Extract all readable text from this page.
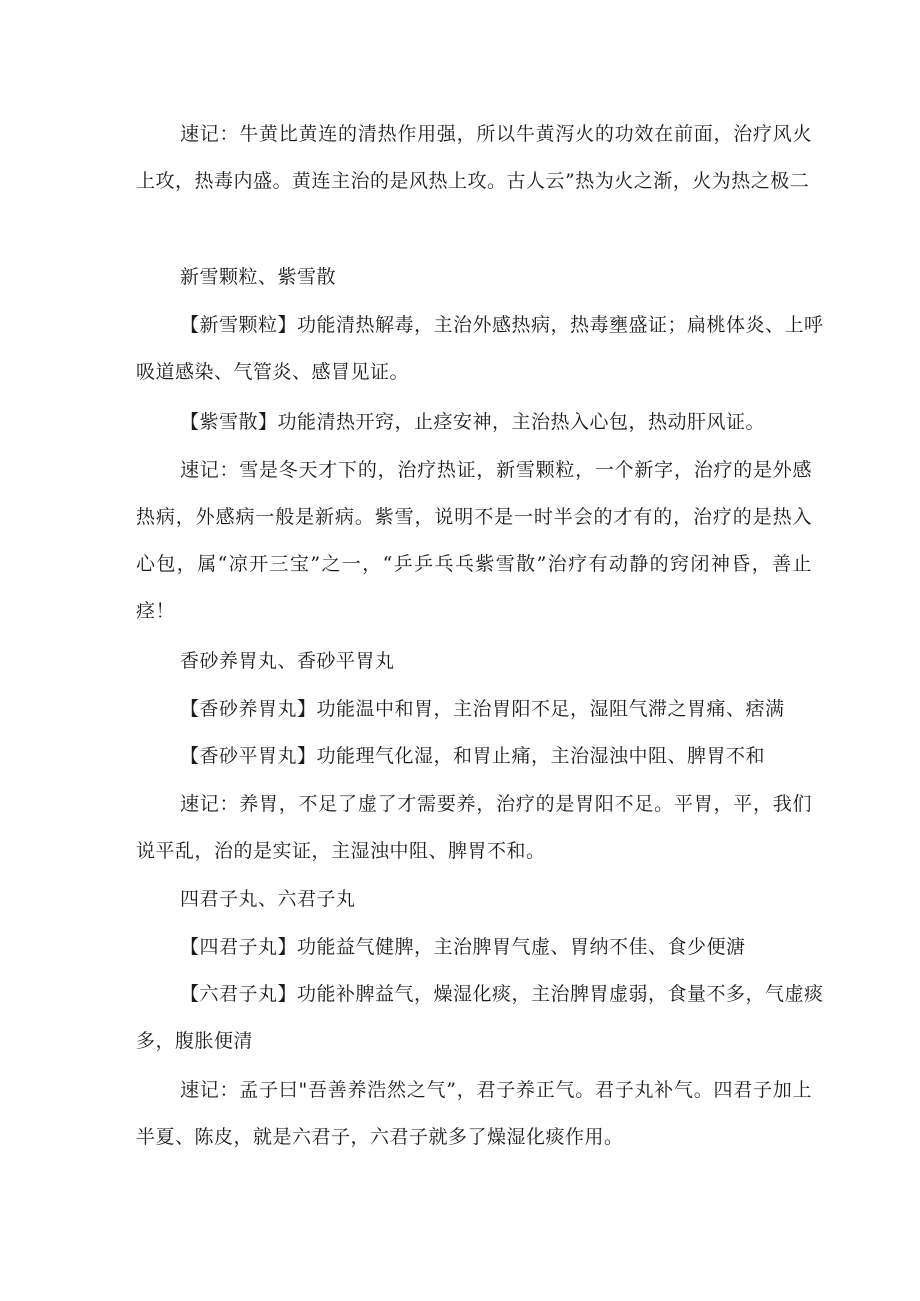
速记：牛黄比黄连的清热作用强，所以牛黄泻火的功效在前面，治疗风火上攻，热毒内盛。黄连主治的是风热上攻。古人云”热为火之渐，火为热之极二

新雪颗粒、紫雪散

【新雪颗粒】功能清热解毒，主治外感热病，热毒壅盛证；扁桃体炎、上呼吸道感染、气管炎、感冒见证。

【紫雪散】功能清热开窍，止痉安神，主治热入心包，热动肝风证。

速记：雪是冬天才下的，治疗热证，新雪颗粒，一个新字，治疗的是外感热病，外感病一般是新病。紫雪，说明不是一时半会的才有的，治疗的是热入心包，属“凉开三宝”之一，“乒乒乓乓紫雪散”治疗有动静的窍闭神昏，善止痉！

香砂养胃丸、香砂平胃丸

【香砂养胃丸】功能温中和胃，主治胃阳不足，湿阻气滞之胃痛、痞满

【香砂平胃丸】功能理气化湿，和胃止痛，主治湿浊中阻、脾胃不和

速记：养胃，不足了虚了才需要养，治疗的是胃阳不足。平胃，平，我们说平乱，治的是实证，主湿浊中阻、脾胃不和。

四君子丸、六君子丸

【四君子丸】功能益气健脾，主治脾胃气虚、胃纳不佳、食少便溏

【六君子丸】功能补脾益气，燥湿化痰，主治脾胃虚弱，食量不多，气虚痰多，腹胀便清

速记：孟子曰"吾善养浩然之气”，君子养正气。君子丸补气。四君子加上半夏、陈皮，就是六君子，六君子就多了燥湿化痰作用。
